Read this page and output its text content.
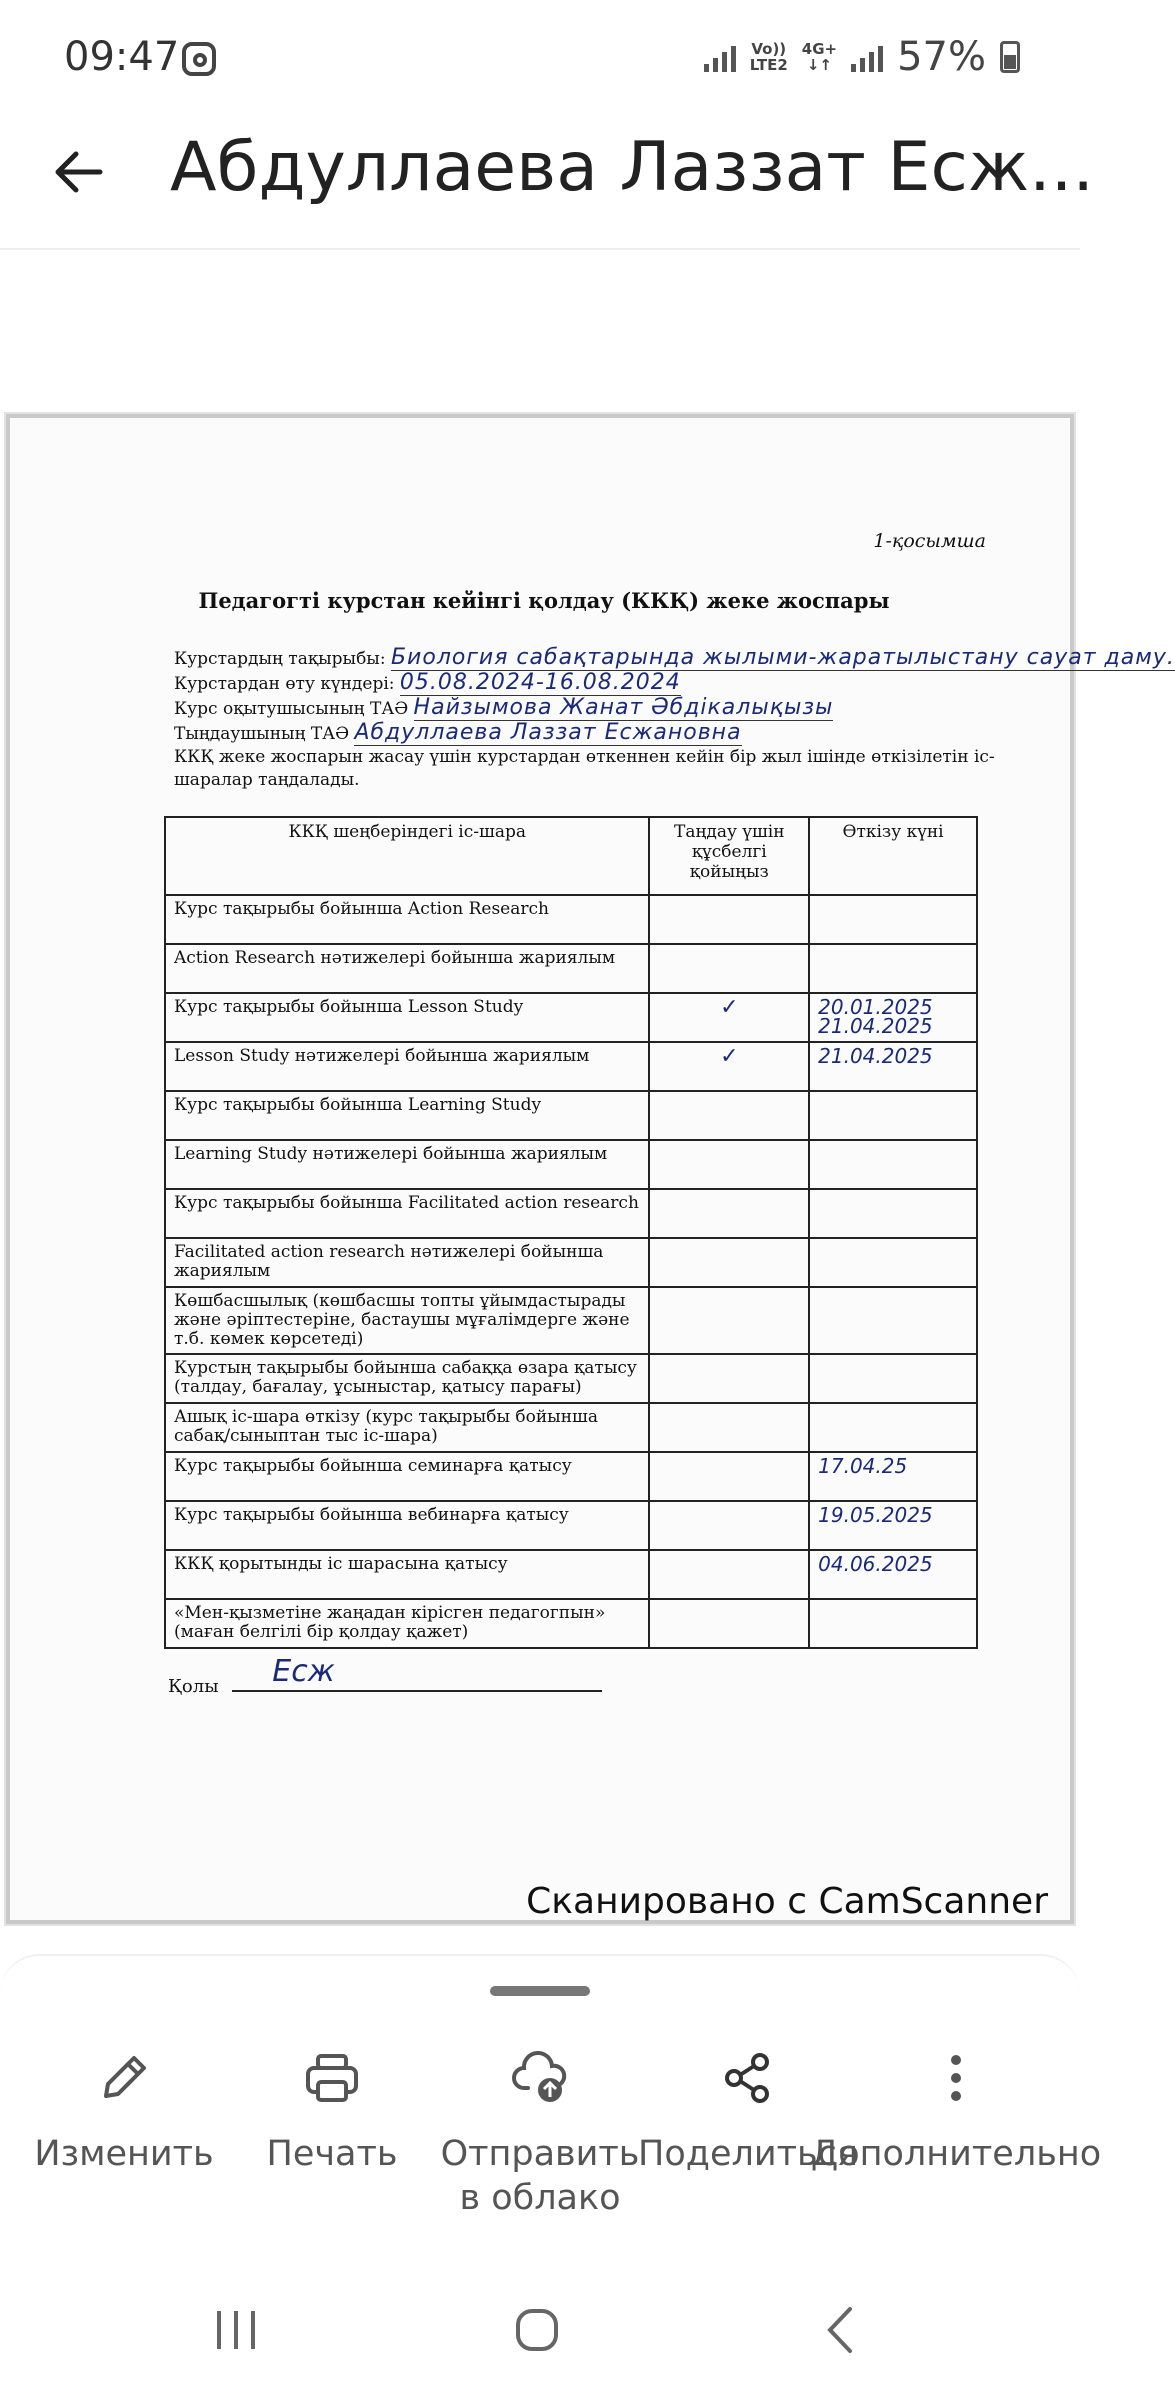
09:47	Vo))
LTE2
4G+
↓↑ 57%
Абдуллаева Лаззат Есж...
1-қосымша
Педагогті курстан кейінгі қолдау (ККҚ) жеке жоспары
Курстардың тақырыбы: Биология сабақтарында жылыми-жаратылыстану сауат даму.
Курстардан өту күндері: 05.08.2024-16.08.2024
Курс оқытушысының ТАӘ Найзымова Жанат Әбдікалықызы
Тыңдаушының ТАӘ Абдуллаева Лаззат Есжановна
ККҚ жеке жоспарын жасау үшін курстардан өткеннен кейін бір жыл ішінде өткізілетін іс-шаралар таңдалады.
ККҚ шеңберіндегі іс-шара	Таңдау үшін құсбелгі қойыңыз	Өткізу күні
Курс тақырыбы бойынша Action Research		
Action Research нәтижелері бойынша жариялым		
Курс тақырыбы бойынша Lesson Study	✓	20.01.2025 21.04.2025
Lesson Study нәтижелері бойынша жариялым	✓	21.04.2025
Курс тақырыбы бойынша Learning Study		
Learning Study нәтижелері бойынша жариялым		
Курс тақырыбы бойынша Facilitated action research		
Facilitated action research нәтижелері бойынша жариялым		
Көшбасшылық (көшбасшы топты ұйымдастырады және әріптестеріне, бастаушы мұғалімдерге және т.б. көмек көрсетеді)		
Курстың тақырыбы бойынша сабаққа өзара қатысу (талдау, бағалау, ұсыныстар, қатысу парағы)		
Ашық іс-шара өткізу (курс тақырыбы бойынша сабақ/сыныптан тыс іс-шара)		
Курс тақырыбы бойынша семинарға қатысу		17.04.25
Курс тақырыбы бойынша вебинарға қатысу		19.05.2025
ККҚ қорытынды іс шарасына қатысу		04.06.2025
«Мен-қызметіне жаңадан кірісген педагогпын» (маған белгілі бір қолдау қажет)		
Қолы Есж
Сканировано с CamScanner
Изменить Печать Отправить в облако
Поделиться
Дополнительно
